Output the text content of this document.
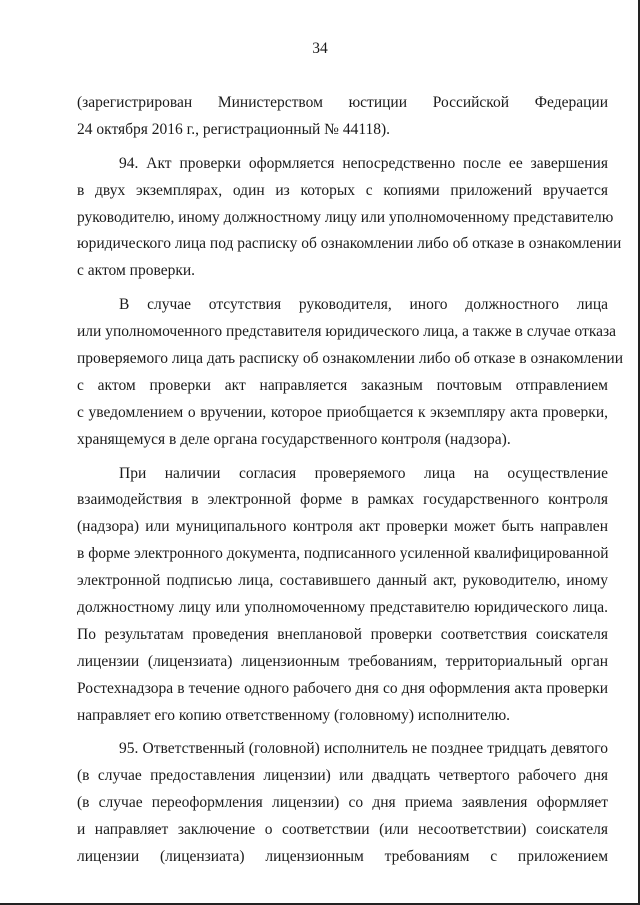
34
(зарегистрирован Министерством юстиции Российской Федерации
24 октября 2016 г., регистрационный № 44118).
94. Акт проверки оформляется непосредственно после ее завершения
в двух экземплярах, один из которых с копиями приложений вручается
руководителю, иному должностному лицу или уполномоченному представителю
юридического лица под расписку об ознакомлении либо об отказе в ознакомлении
с актом проверки.
В случае отсутствия руководителя, иного должностного лица
или уполномоченного представителя юридического лица, а также в случае отказа
проверяемого лица дать расписку об ознакомлении либо об отказе в ознакомлении
с актом проверки акт направляется заказным почтовым отправлением
с уведомлением о вручении, которое приобщается к экземпляру акта проверки,
хранящемуся в деле органа государственного контроля (надзора).
При наличии согласия проверяемого лица на осуществление
взаимодействия в электронной форме в рамках государственного контроля
(надзора) или муниципального контроля акт проверки может быть направлен
в форме электронного документа, подписанного усиленной квалифицированной
электронной подписью лица, составившего данный акт, руководителю, иному
должностному лицу или уполномоченному представителю юридического лица.
По результатам проведения внеплановой проверки соответствия соискателя
лицензии (лицензиата) лицензионным требованиям, территориальный орган
Ростехнадзора в течение одного рабочего дня со дня оформления акта проверки
направляет его копию ответственному (головному) исполнителю.
95. Ответственный (головной) исполнитель не позднее тридцать девятого
(в случае предоставления лицензии) или двадцать четвертого рабочего дня
(в случае переоформления лицензии) со дня приема заявления оформляет
и направляет заключение о соответствии (или несоответствии) соискателя
лицензии (лицензиата) лицензионным требованиям с приложением
